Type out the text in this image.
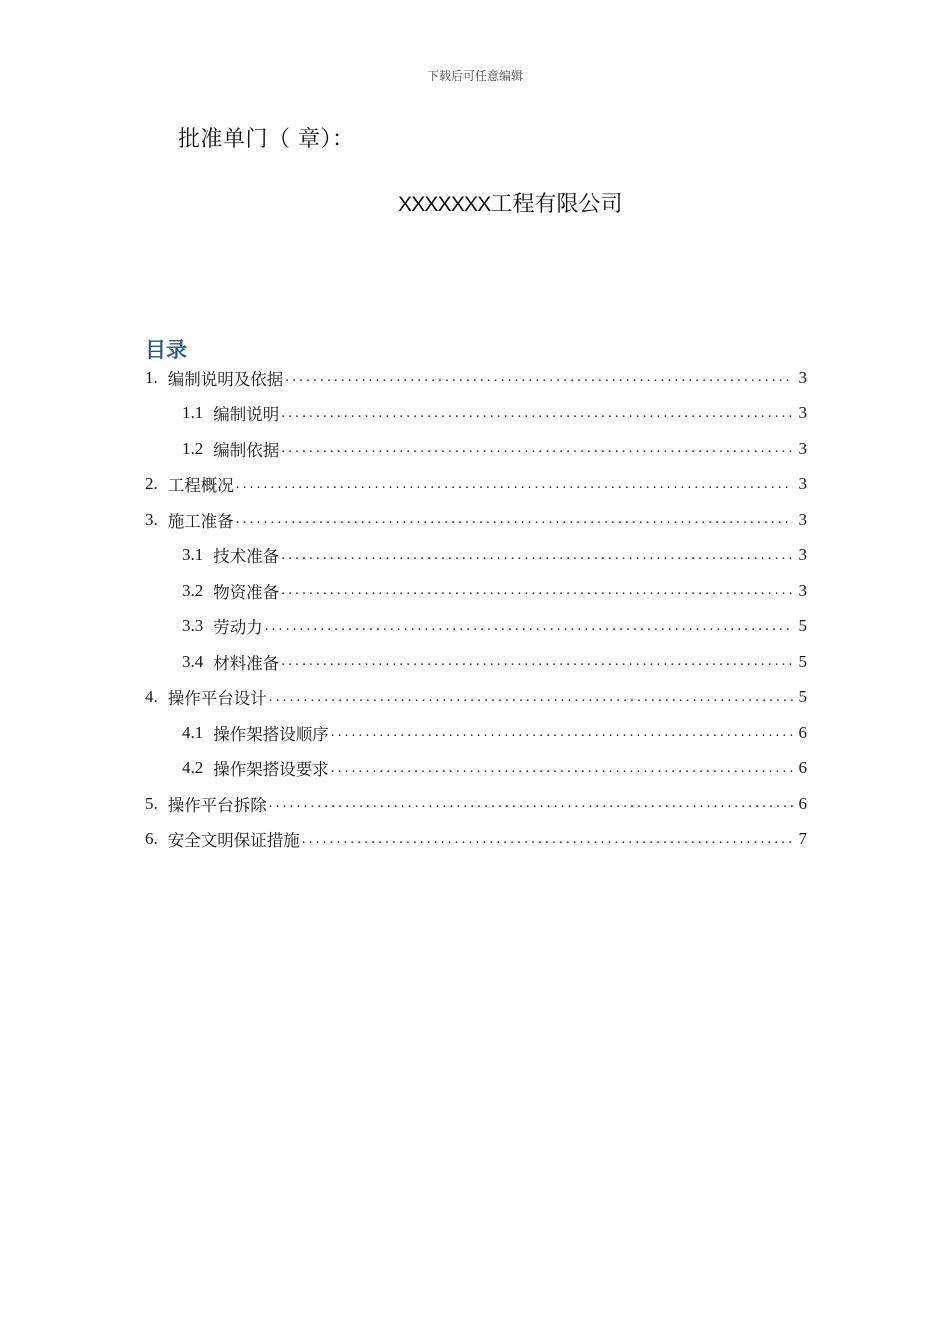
下载后可任意编辑
批准单门（ 章）：
XXXXXXX工程有限公司
目录
1. 编制说明及依据 .....	3
1.1 编制说明 .....	3
1.2 编制依据 .....	3
2. 工程概况 .....	3
3. 施工准备 .....	3
3.1 技术准备 .....	3
3.2 物资准备 .....	3
3.3 劳动力 .....	5
3.4 材料准备 .....	5
4. 操作平台设计 .....	5
4.1 操作架搭设顺序 .....	6
4.2 操作架搭设要求 .....	6
5. 操作平台拆除 .....	6
6. 安全文明保证措施 .....	7
